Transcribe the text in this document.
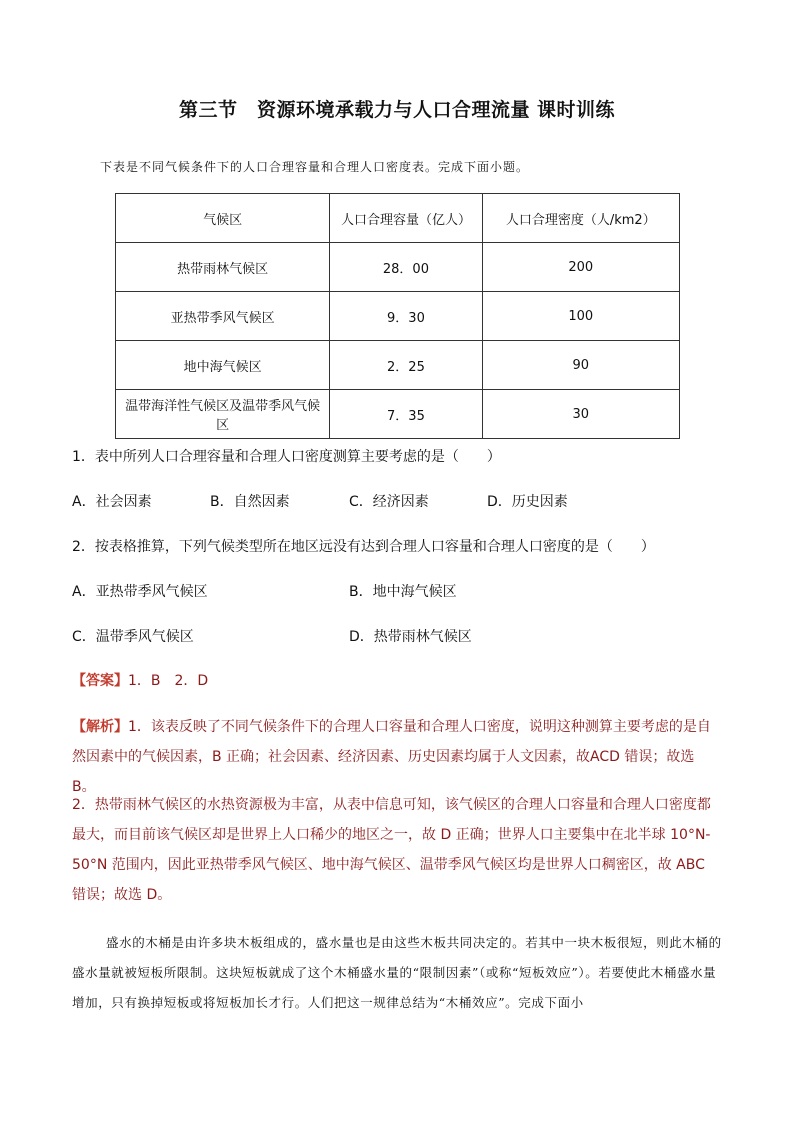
第三节　资源环境承载力与人口合理流量 课时训练
下表是不同气候条件下的人口合理容量和合理人口密度表。完成下面小题。
气候区	人口合理容量（亿人）	人口合理密度（人/km2）
热带雨林气候区	28．00	200
亚热带季风气候区	9．30	100
地中海气候区	2．25	90
温带海洋性气候区及温带季风气候区	7．35	30
1．表中所列人口合理容量和合理人口密度测算主要考虑的是（　　）
A．社会因素	B．自然因素	C．经济因素	D．历史因素
2．按表格推算，下列气候类型所在地区远没有达到合理人口容量和合理人口密度的是（　　）
A．亚热带季风气候区	B．地中海气候区
C．温带季风气候区	D．热带雨林气候区
【答案】1．B　2．D
【解析】1．该表反映了不同气候条件下的合理人口容量和合理人口密度，说明这种测算主要考虑的是自然因素中的气候因素，B 正确；社会因素、经济因素、历史因素均属于人文因素，故ACD 错误；故选 B。
2．热带雨林气候区的水热资源极为丰富，从表中信息可知，该气候区的合理人口容量和合理人口密度都最大，而目前该气候区却是世界上人口稀少的地区之一，故 D 正确；世界人口主要集中在北半球 10°N-50°N 范围内，因此亚热带季风气候区、地中海气候区、温带季风气候区均是世界人口稠密区，故 ABC 错误；故选 D。
盛水的木桶是由许多块木板组成的，盛水量也是由这些木板共同决定的。若其中一块木板很短，则此木桶的盛水量就被短板所限制。这块短板就成了这个木桶盛水量的“限制因素”（或称“短板效应”）。若要使此木桶盛水量增加，只有换掉短板或将短板加长才行。人们把这一规律总结为“木桶效应”。完成下面小
